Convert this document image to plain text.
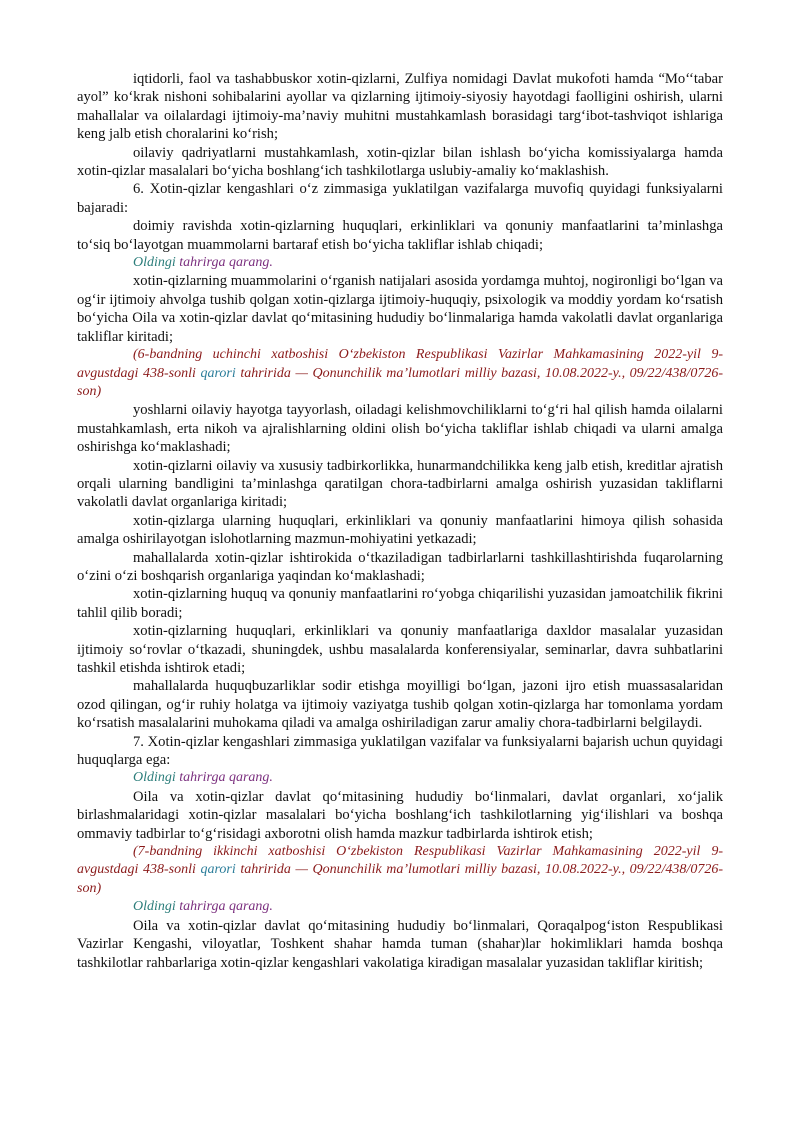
iqtidorli, faol va tashabbuskor xotin-qizlarni, Zulfiya nomidagi Davlat mukofoti hamda “Mo‘‘tabar ayol” ko‘krak nishoni sohibalarini ayollar va qizlarning ijtimoiy-siyosiy hayotdagi faolligini oshirish, ularni mahallalar va oilalardagi ijtimoiy-ma’naviy muhitni mustahkamlash borasidagi targ‘ibot-tashviqot ishlariga keng jalb etish choralarini ko‘rish;

oilaviy qadriyatlarni mustahkamlash, xotin-qizlar bilan ishlash bo‘yicha komissiyalarga hamda xotin-qizlar masalalari bo‘yicha boshlang‘ich tashkilotlarga uslubiy-amaliy ko‘maklashish.

6. Xotin-qizlar kengashlari o‘z zimmasiga yuklatilgan vazifalarga muvofiq quyidagi funksiyalarni bajaradi:

doimiy ravishda xotin-qizlarning huquqlari, erkinliklari va qonuniy manfaatlarini ta’minlashga to‘siq bo‘layotgan muammolarni bartaraf etish bo‘yicha takliflar ishlab chiqadi;

Oldingi tahrirga qarang.

xotin-qizlarning muammolarini o‘rganish natijalari asosida yordamga muhtoj, nogironligi bo‘lgan va og‘ir ijtimoiy ahvolga tushib qolgan xotin-qizlarga ijtimoiy-huquqiy, psixologik va moddiy yordam ko‘rsatish bo‘yicha Oila va xotin-qizlar davlat qo‘mitasining hududiy bo‘linmalariga hamda vakolatli davlat organlariga takliflar kiritadi;

(6-bandning uchinchi xatboshisi O‘zbekiston Respublikasi Vazirlar Mahkamasining 2022-yil 9-avgustdagi 438-sonli qarori tahririda — Qonunchilik ma’lumotlari milliy bazasi, 10.08.2022-y., 09/22/438/0726-son)

yoshlarni oilaviy hayotga tayyorlash, oiladagi kelishmovchiliklarni to‘g‘ri hal qilish hamda oilalarni mustahkamlash, erta nikoh va ajralishlarning oldini olish bo‘yicha takliflar ishlab chiqadi va ularni amalga oshirishga ko‘maklashadi;

xotin-qizlarni oilaviy va xususiy tadbirkorlikka, hunarmandchilikka keng jalb etish, kreditlar ajratish orqali ularning bandligini ta’minlashga qaratilgan chora-tadbirlarni amalga oshirish yuzasidan takliflarni vakolatli davlat organlariga kiritadi;

xotin-qizlarga ularning huquqlari, erkinliklari va qonuniy manfaatlarini himoya qilish sohasida amalga oshirilayotgan islohotlarning mazmun-mohiyatini yetkazadi;

mahallalarda xotin-qizlar ishtirokida o‘tkaziladigan tadbirlarlarni tashkillashtirishda fuqarolarning o‘zini o‘zi boshqarish organlariga yaqindan ko‘maklashadi;

xotin-qizlarning huquq va qonuniy manfaatlarini ro‘yobga chiqarilishi yuzasidan jamoatchilik fikrini tahlil qilib boradi;

xotin-qizlarning huquqlari, erkinliklari va qonuniy manfaatlariga daxldor masalalar yuzasidan ijtimoiy so‘rovlar o‘tkazadi, shuningdek, ushbu masalalarda konferensiyalar, seminarlar, davra suhbatlarini tashkil etishda ishtirok etadi;

mahallalarda huquqbuzarliklar sodir etishga moyilligi bo‘lgan, jazoni ijro etish muassasalaridan ozod qilingan, og‘ir ruhiy holatga va ijtimoiy vaziyatga tushib qolgan xotin-qizlarga har tomonlama yordam ko‘rsatish masalalarini muhokama qiladi va amalga oshiriladigan zarur amaliy chora-tadbirlarni belgilaydi.

7. Xotin-qizlar kengashlari zimmasiga yuklatilgan vazifalar va funksiyalarni bajarish uchun quyidagi huquqlarga ega:

Oldingi tahrirga qarang.

Oila va xotin-qizlar davlat qo‘mitasining hududiy bo‘linmalari, davlat organlari, xo‘jalik birlashmalaridagi xotin-qizlar masalalari bo‘yicha boshlang‘ich tashkilotlarning yig‘ilishlari va boshqa ommaviy tadbirlar to‘g‘risidagi axborotni olish hamda mazkur tadbirlarda ishtirok etish;

(7-bandning ikkinchi xatboshisi O‘zbekiston Respublikasi Vazirlar Mahkamasining 2022-yil 9-avgustdagi 438-sonli qarori tahririda — Qonunchilik ma’lumotlari milliy bazasi, 10.08.2022-y., 09/22/438/0726-son)

Oldingi tahrirga qarang.

Oila va xotin-qizlar davlat qo‘mitasining hududiy bo‘linmalari, Qoraqalpog‘iston Respublikasi Vazirlar Kengashi, viloyatlar, Toshkent shahar hamda tuman (shahar)lar hokimliklari hamda boshqa tashkilotlar rahbarlariga xotin-qizlar kengashlari vakolatiga kiradigan masalalar yuzasidan takliflar kiritish;
